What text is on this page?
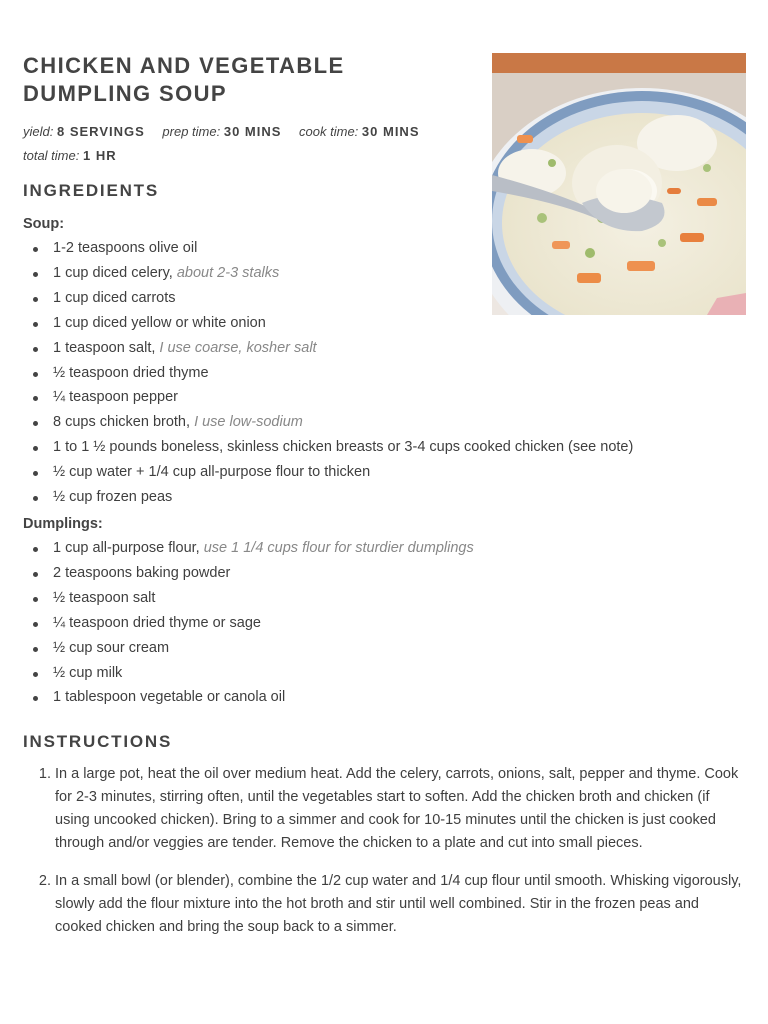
CHICKEN AND VEGETABLE
DUMPLING SOUP
yield: 8 SERVINGS prep time: 30 MINS cook time: 30 MINS
total time: 1 HR
INGREDIENTS

Soup:

1-2 teaspoons olive oil
1 cup diced celery, about 2-3 stalks
1 cup diced carrots
1 cup diced yellow or white onion
1 teaspoon salt, I use coarse, kosher salt
½ teaspoon dried thyme
¼ teaspoon pepper
8 cups chicken broth, I use low-sodium
1 to 1 ½ pounds boneless, skinless chicken breasts or 3-4 cups cooked chicken (see note)
½ cup water + 1/4 cup all-purpose flour to thicken
½ cup frozen peas

Dumplings:

1 cup all-purpose flour, use 1 1/4 cups flour for sturdier dumplings
2 teaspoons baking powder
½ teaspoon salt
¼ teaspoon dried thyme or sage
½ cup sour cream
½ cup milk
1 tablespoon vegetable or canola oil
INSTRUCTIONS
1. In a large pot, heat the oil over medium heat. Add the celery, carrots, onions, salt, pepper and thyme. Cook for 2-3 minutes, stirring often, until the vegetables start to soften. Add the chicken broth and chicken (if using uncooked chicken). Bring to a simmer and cook for 10-15 minutes until the chicken is just cooked through and/or veggies are tender. Remove the chicken to a plate and cut into small pieces.
2. In a small bowl (or blender), combine the 1/2 cup water and 1/4 cup flour until smooth. Whisking vigorously, slowly add the flour mixture into the hot broth and stir until well combined. Stir in the frozen peas and cooked chicken and bring the soup back to a simmer.
